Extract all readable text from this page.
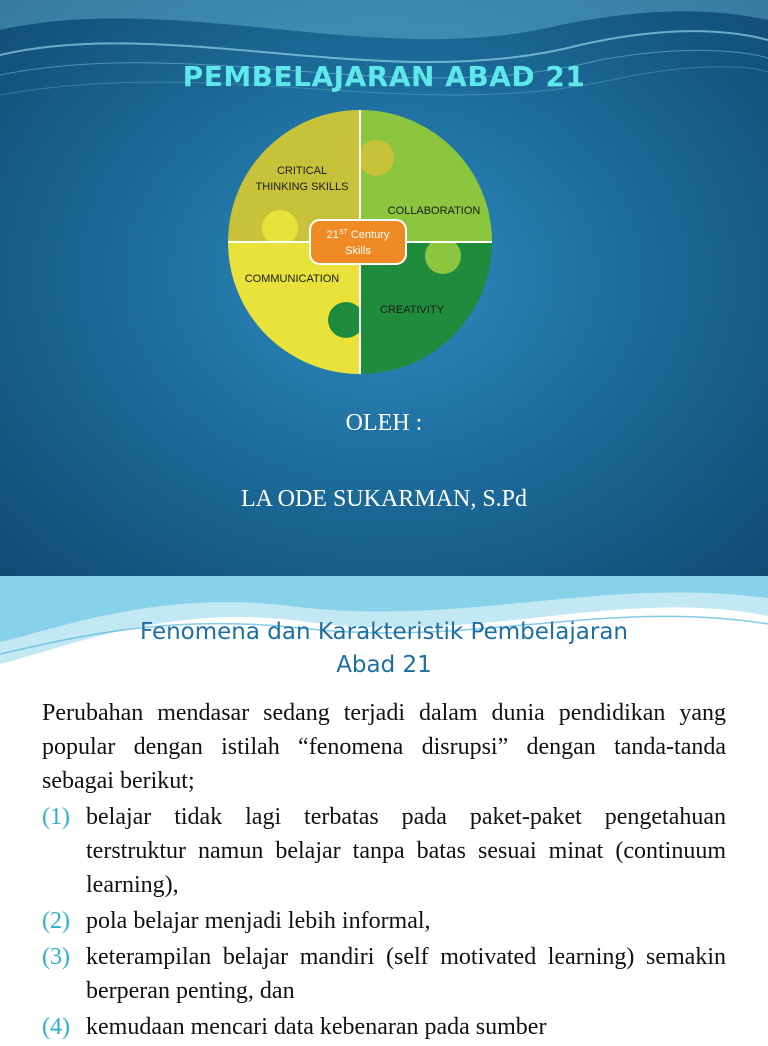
PEMBELAJARAN ABAD 21
21ST Century
Skills
CRITICAL
THINKING SKILLS
COLLABORATION
COMMUNICATION
CREATIVITY
OLEH :
LA ODE SUKARMAN, S.Pd
Fenomena dan Karakteristik Pembelajaran
Abad 21
Perubahan mendasar sedang terjadi dalam dunia pendidikan yang popular dengan istilah “fenomena disrupsi” dengan tanda-tanda sebagai berikut;
(1) belajar tidak lagi terbatas pada paket-paket pengetahuan terstruktur namun belajar tanpa batas sesuai minat (continuum learning),
(2) pola belajar menjadi lebih informal,
(3) keterampilan belajar mandiri (self motivated learning) semakin berperan penting, dan
(4) kemudaan mencari data kebenaran pada sumber
